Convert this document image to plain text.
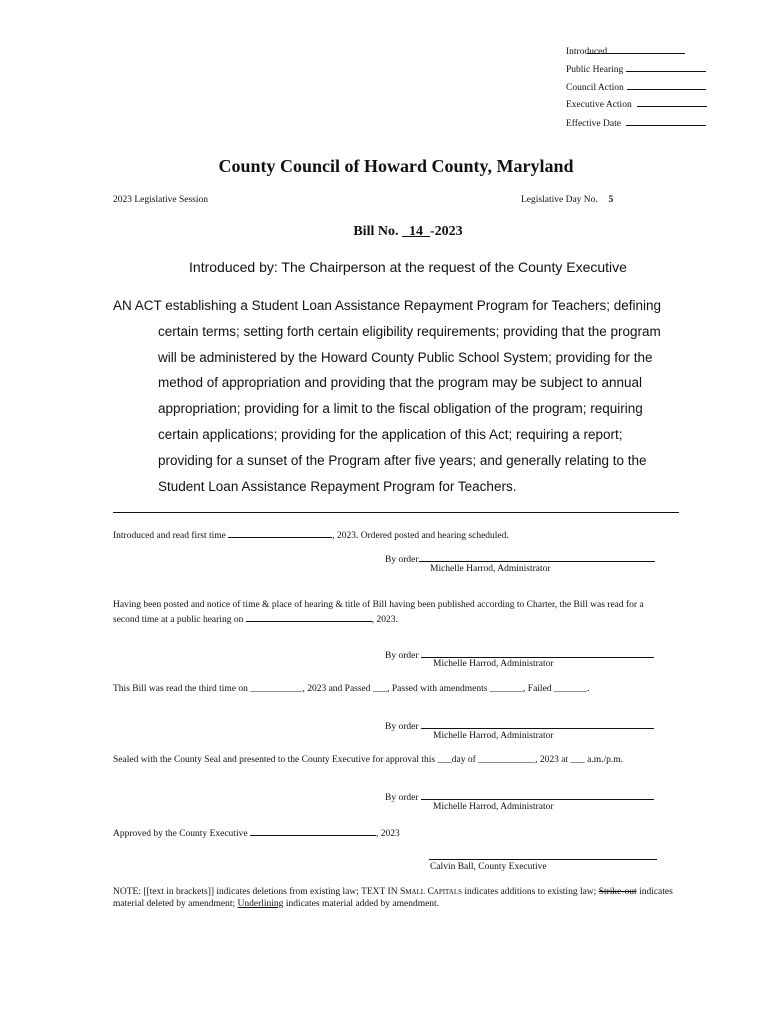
Introduced
Public Hearing
Council Action
Executive Action
Effective Date
County Council of Howard County, Maryland
2023 Legislative Session	Legislative Day No. 5
Bill No. 14 -2023
Introduced by: The Chairperson at the request of the County Executive
AN ACT establishing a Student Loan Assistance Repayment Program for Teachers; defining
certain terms; setting forth certain eligibility requirements; providing that the program
will be administered by the Howard County Public School System; providing for the
method of appropriation and providing that the program may be subject to annual
appropriation; providing for a limit to the fiscal obligation of the program; requiring
certain applications; providing for the application of this Act; requiring a report;
providing for a sunset of the Program after five years; and generally relating to the
Student Loan Assistance Repayment Program for Teachers.
Introduced and read first time	, 2023. Ordered posted and hearing scheduled.
By order
Michelle Harrod, Administrator
Having been posted and notice of time & place of hearing & title of Bill having been published according to Charter, the Bill was read for a
second time at a public hearing on	, 2023.
By order
Michelle Harrod, Administrator
This Bill was read the third time on ___________, 2023 and Passed ___, Passed with amendments _______, Failed _______.
By order
Michelle Harrod, Administrator
Sealed with the County Seal and presented to the County Executive for approval this ___day of ____________, 2023 at ___ a.m./p.m.
By order
Michelle Harrod, Administrator
Approved by the County Executive	, 2023
Calvin Ball, County Executive
NOTE: [[text in brackets]] indicates deletions from existing law; TEXT IN Small Capitals indicates additions to existing law; Strike-out indicates material deleted by amendment; Underlining indicates material added by amendment.
